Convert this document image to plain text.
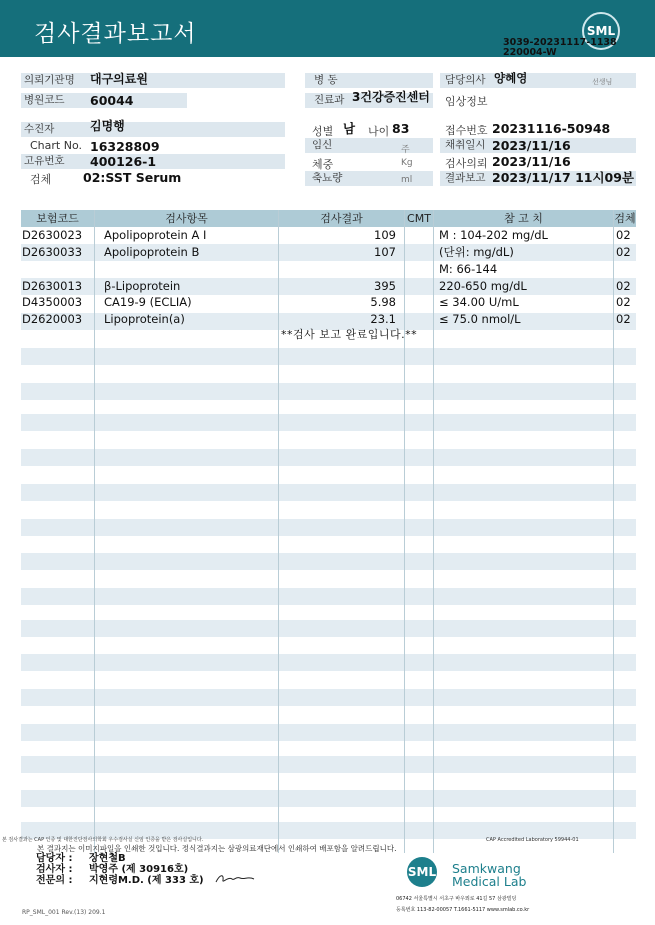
검사결과보고서	SML
3039-20231117-1138
220004-W
의뢰기관명	대구의료원
병원코드	60044
수진자	김명행
Chart No. 16328809
고유번호	400126-1
검체	02:SST Serum
병 동
진료과 3건강증진센터
성별 남 나이 83
임신	주
체중	Kg
축뇨량	ml
담당의사 양혜영	선생님
임상정보
접수번호 20231116-50948
채취일시 2023/11/16
검사의뢰 2023/11/16
결과보고 2023/11/17 11시09분
보험코드	검사항목	검사결과	CMT	참 고 치	검체
D2630023 Apolipoprotein A I	109	M : 104-202 mg/dL	02
D2630033 Apolipoprotein B	107	(단위: mg/dL)	02
M: 66-144
D2630013 β-Lipoprotein	395	220-650 mg/dL	02
D4350003 CA19-9 (ECLIA)	5.98	≤ 34.00 U/mL	02
D2620003 Lipoprotein(a)	23.1	≤ 75.0 nmol/L	02
**검사 보고 완료입니다.**
본 검사결과는 CAP 인증 및 대한진단검사의학회 우수검사실 신임 인증을 받은 검사실입니다.	CAP Accredited Laboratory 59944-01
본 결과지는 이미지파일을 인쇄한 것입니다. 정식결과지는 삼광의료재단에서 인쇄하여 배포함을 알려드립니다.
담당자 : 장현철B
검사자 : 박영주 (제 30916호)
전문의 : 지현령M.D. (제 333 호)
SML Samkwang
Medical Lab
06742 서울특별시 서초구 바우뫼로 41길 57 삼광빌딩
등록번호 113-82-00057 T.1661-5117 www.smlab.co.kr
RP_SML_001 Rev.(13) 209.1
